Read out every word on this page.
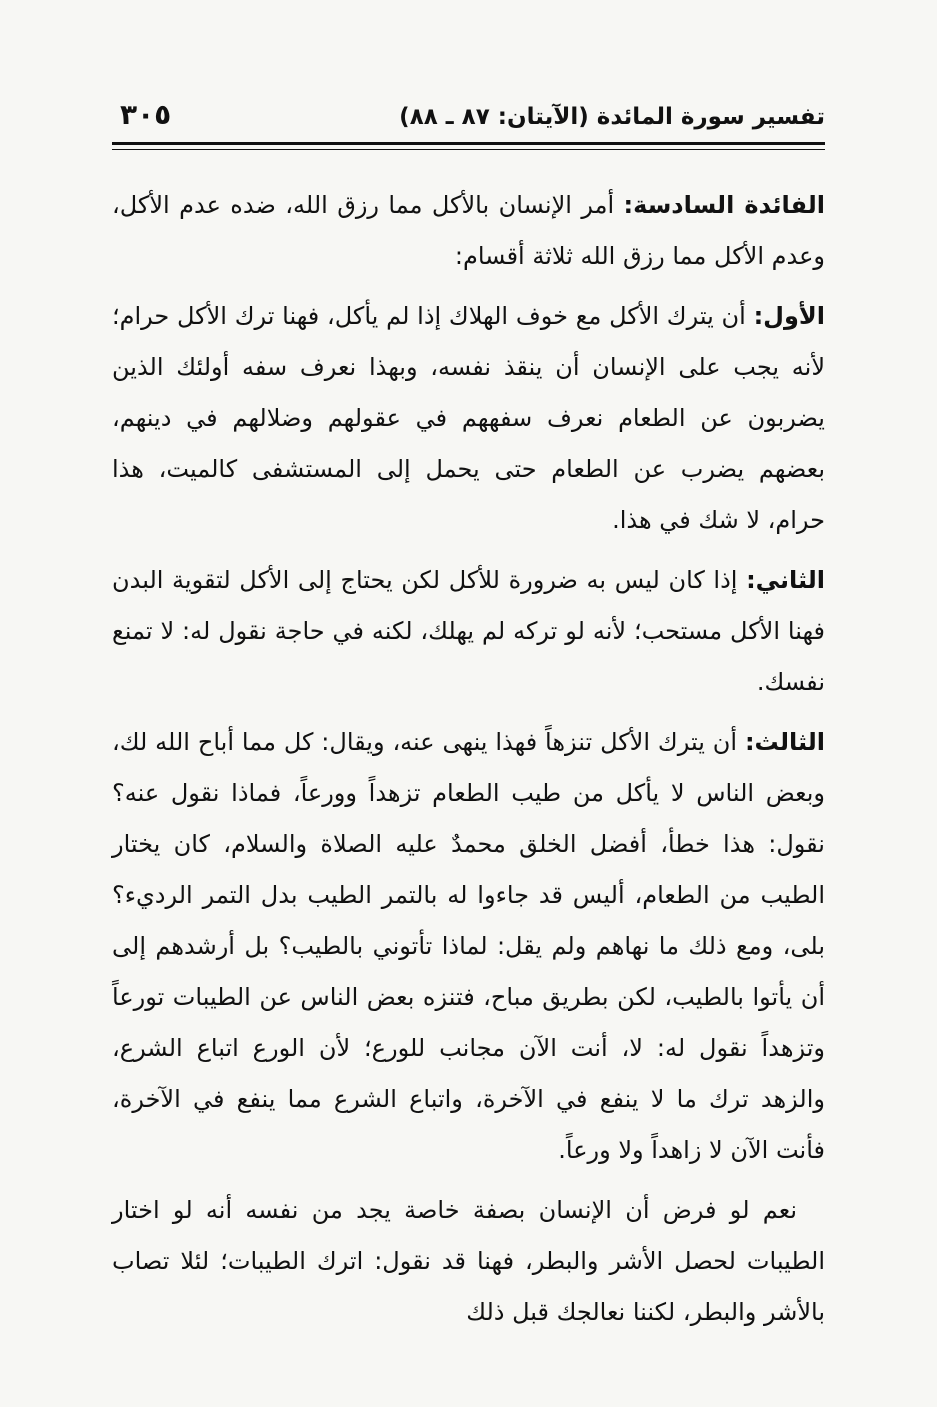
تفسير سورة المائدة (الآيتان: ٨٧ ـ ٨٨)
٣٠٥

الفائدة السادسة: أمر الإنسان بالأكل مما رزق الله، ضده عدم الأكل، وعدم الأكل مما رزق الله ثلاثة أقسام:

الأول: أن يترك الأكل مع خوف الهلاك إذا لم يأكل، فهنا ترك الأكل حرام؛ لأنه يجب على الإنسان أن ينقذ نفسه، وبهذا نعرف سفه أولئك الذين يضربون عن الطعام نعرف سفههم في عقولهم وضلالهم في دينهم، بعضهم يضرب عن الطعام حتى يحمل إلى المستشفى كالميت، هذا حرام، لا شك في هذا.

الثاني: إذا كان ليس به ضرورة للأكل لكن يحتاج إلى الأكل لتقوية البدن فهنا الأكل مستحب؛ لأنه لو تركه لم يهلك، لكنه في حاجة نقول له: لا تمنع نفسك.

الثالث: أن يترك الأكل تنزهاً فهذا ينهى عنه، ويقال: كل مما أباح الله لك، وبعض الناس لا يأكل من طيب الطعام تزهداً وورعاً، فماذا نقول عنه؟ نقول: هذا خطأ، أفضل الخلق محمدٌ عليه الصلاة والسلام، كان يختار الطيب من الطعام، أليس قد جاءوا له بالتمر الطيب بدل التمر الرديء؟ بلى، ومع ذلك ما نهاهم ولم يقل: لماذا تأتوني بالطيب؟ بل أرشدهم إلى أن يأتوا بالطيب، لكن بطريق مباح، فتنزه بعض الناس عن الطيبات تورعاً وتزهداً نقول له: لا، أنت الآن مجانب للورع؛ لأن الورع اتباع الشرع، والزهد ترك ما لا ينفع في الآخرة، واتباع الشرع مما ينفع في الآخرة، فأنت الآن لا زاهداً ولا ورعاً.

نعم لو فرض أن الإنسان بصفة خاصة يجد من نفسه أنه لو اختار الطيبات لحصل الأشر والبطر، فهنا قد نقول: اترك الطيبات؛ لئلا تصاب بالأشر والبطر، لكننا نعالجك قبل ذلك
